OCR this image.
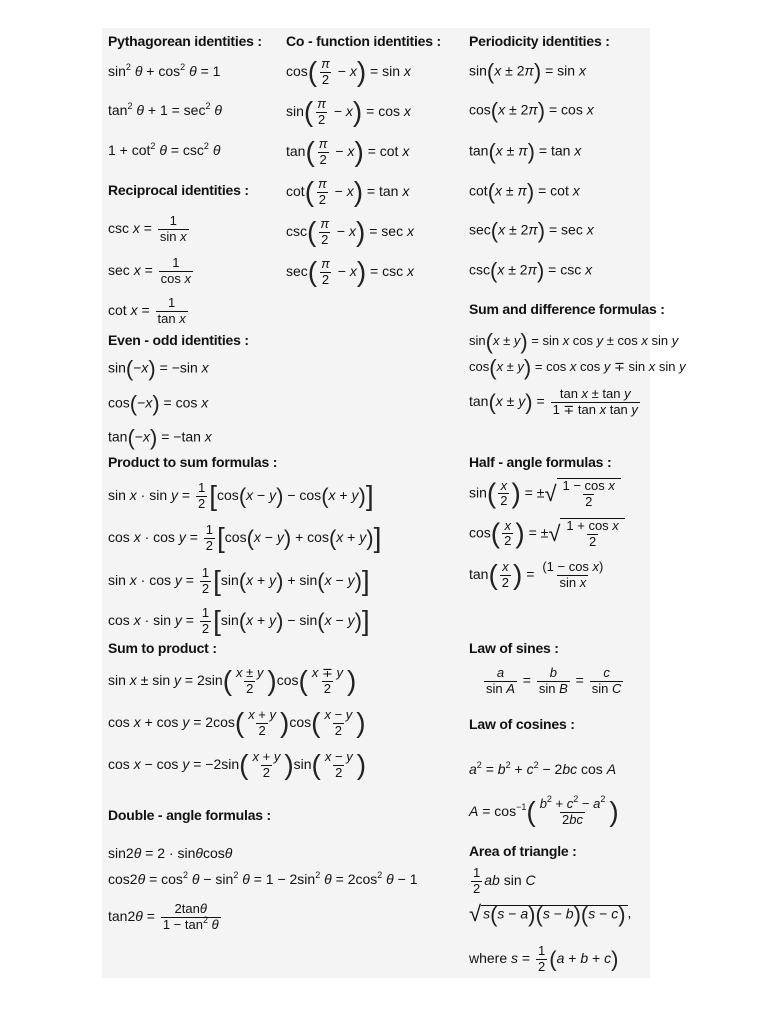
Pythagorean identities :
$\sin^2 \theta + \cos^2 \theta = 1$
$\tan^2 \theta + 1 = \sec^2 \theta$
$1 + \cot^2 \theta = \csc^2 \theta$
Reciprocal identities :
$\csc x = \frac{1}{\text{sin x}}$
$\sec x = \frac{1}{\text{cos x}}$
$\cot x = \frac{1}{\text{tan x}}$
Even - odd identities :
sin(−x) = −sin x
cos(−x) = cos x
tan(−x) = −tan x
Product to sum formulas :
$\sin x \cdot \sin y = \frac{1}{2} [\cos(x - y) - \cos(x + y)]$
$\cos x \cdot \cos y = \frac{1}{2} [\cos(x - y) + \cos(x + y)]$
$\sin x \cdot \cos y = \frac{1}{2} [\sin(x + y) + \sin(x - y)]$
$\cos x \cdot \sin y = \frac{1}{2} [\sin(x + y) - \sin(x - y)]$
Sum to product :
$\sin x \pm \sin y = 2\sin( \frac{x \pm y}{2} )\cos( \frac{x \mp y}{2}$ )
$\cos x + \cos y = 2\cos( \frac{x + y}{2} )\cos( \frac{x - y}{2}$ )
$\cos x - \cos y = -2\sin( \frac{x + y}{2} )\sin( \frac{x - y}{2}$ )
Double - angle formulas :
sin2θ = 2 · sinθcosθ
$\cos 2\theta = \cos^2 \theta - \sin^2 \theta = 1 - 2\sin^2$ $\theta = 2\cos^2$ θ − 1
$\tan 2\theta = \frac{2\tan\theta}{1 - \tan^2 \theta}$
Co - function identities :
$\cos( \frac{\pi}{2} - x) = \sin x$
$\sin( \frac{\pi}{2} - x) = \cos x$
$\tan( \frac{\pi}{2} - x) = \cot x$
$\cot( \frac{\pi}{2} - x) = \tan x$
$\csc( \frac{\pi}{2} - x) = \sec x$
$\sec( \frac{\pi}{2} - x) = \csc x$
Periodicity identities :
sin(x ± 2π) = sin x
cos(x ± 2π) = cos x
tan(x ± π) = tan x
cot(x ± π) = cot x
sec(x ± 2π) = sec x
csc(x ± 2π) = csc x
Sum and difference formulas :
sin(x ± y) = sin x cos y ± cos x sin y
cos(x ± y) = cos x cos y ∓ sin x sin y
$\tan(x \pm y) = \frac{\text{tan x ± tan y}}{\text{1 ∓ tan x tan y}}$
Half - angle formulas :
$\sin( \frac{x}{2}$ ) = ± √ $\frac{\text{1 − cos x}}{2}$
$\cos( \frac{x}{2}$ ) = ± √ $\frac{\text{1 + cos x}}{2}$
$\tan( \frac{x}{2}$ ) = $\frac{\text{(1 − cos x)}}{\text{sin x}}$
Law of sines :
$\frac{a}{\text{sin A}} = \frac{b}{\text{sin B}} = \frac{c}{\text{sin C}}$
Law of cosines :
$a^2 = b^2 + c^2 - 2bc$ cos A
$A = \cos^{-1}( \frac{b^2 + c^2 - a^2}{2bc}$ )
Area of triangle :
$\frac{1}{2}$ ab sin C
√ s(s − a)(s − b)(s − c) ,
where $s = \frac{1}{2} (a + b + c)$
